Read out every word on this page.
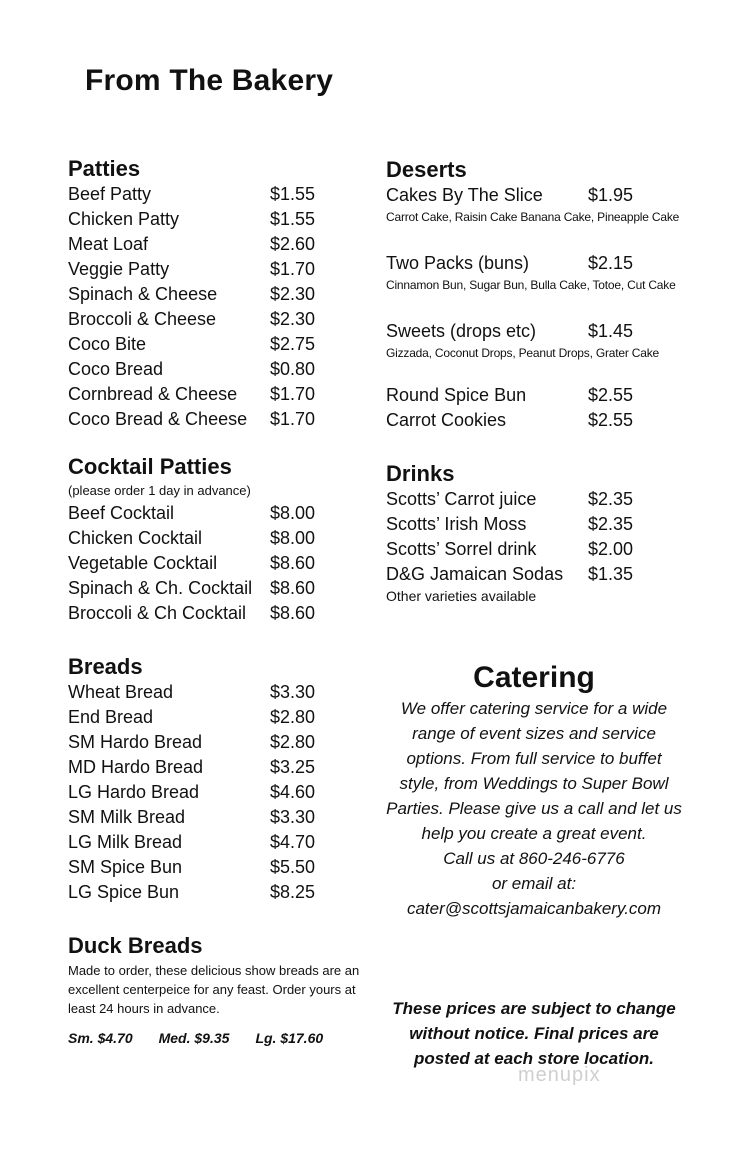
From The Bakery
Patties
Beef Patty	$1.55
Chicken Patty	$1.55
Meat Loaf	$2.60
Veggie Patty	$1.70
Spinach & Cheese	$2.30
Broccoli & Cheese	$2.30
Coco Bite	$2.75
Coco Bread	$0.80
Cornbread & Cheese	$1.70
Coco Bread & Cheese	$1.70
Cocktail Patties
(please order 1 day in advance)
Beef Cocktail	$8.00
Chicken Cocktail	$8.00
Vegetable Cocktail	$8.60
Spinach & Ch. Cocktail $8.60
Broccoli & Ch Cocktail	$8.60
Breads
Wheat Bread	$3.30
End Bread	$2.80
SM Hardo Bread	$2.80
MD Hardo Bread	$3.25
LG Hardo Bread	$4.60
SM Milk Bread	$3.30
LG Milk Bread	$4.70
SM Spice Bun	$5.50
LG Spice Bun	$8.25
Duck Breads
Made to order, these delicious show breads are an excellent centerpeice for any feast. Order yours at least 24 hours in advance.
Sm. $4.70 Med. $9.35 Lg. $17.60
Deserts
Cakes By The Slice	$1.95
Carrot Cake, Raisin Cake Banana Cake, Pineapple Cake
Two Packs (buns)	$2.15
Cinnamon Bun, Sugar Bun, Bulla Cake, Totoe, Cut Cake
Sweets (drops etc)	$1.45
Gizzada, Coconut Drops, Peanut Drops, Grater Cake
Round Spice Bun	$2.55
Carrot Cookies	$2.55
Drinks
Scotts’ Carrot juice	$2.35
Scotts’ Irish Moss	$2.35
Scotts’ Sorrel drink	$2.00
D&G Jamaican Sodas	$1.35
Other varieties available
Catering
We offer catering service for a wide
range of event sizes and service
options. From full service to buffet
style, from Weddings to Super Bowl
Parties. Please give us a call and let us
help you create a great event.
Call us at 860-246-6776
or email at:
cater@scottsjamaicanbakery.com
These prices are subject to change
without notice. Final prices are
posted at each store location.
menupix
